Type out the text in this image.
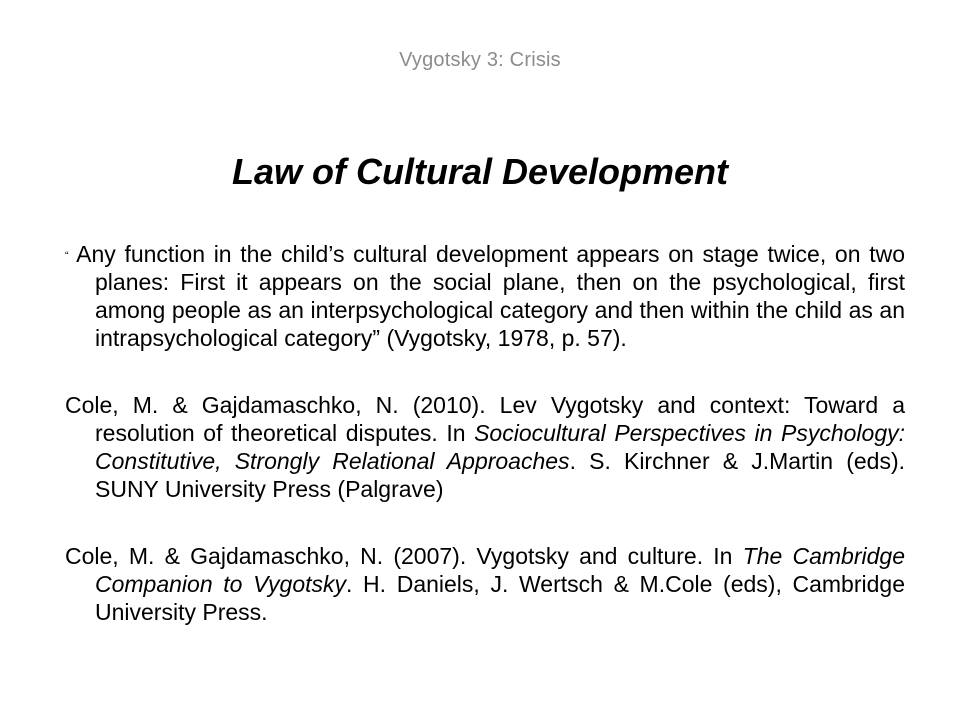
Vygotsky 3: Crisis
Law of Cultural Development

“ Any function in the child’s cultural development appears on stage twice, on two planes: First it appears on the social plane, then on the psychological, first among people as an interpsychological category and then within the child as an intrapsychological category” (Vygotsky, 1978, p. 57).

Cole, M. & Gajdamaschko, N. (2010). Lev Vygotsky and context: Toward a resolution of theoretical disputes. In Sociocultural Perspectives in Psychology: Constitutive, Strongly Relational Approaches. S. Kirchner & J.Martin (eds). SUNY University Press (Palgrave)

Cole, M. & Gajdamaschko, N. (2007). Vygotsky and culture. In The Cambridge Companion to Vygotsky. H. Daniels, J. Wertsch & M.Cole (eds), Cambridge University Press.
